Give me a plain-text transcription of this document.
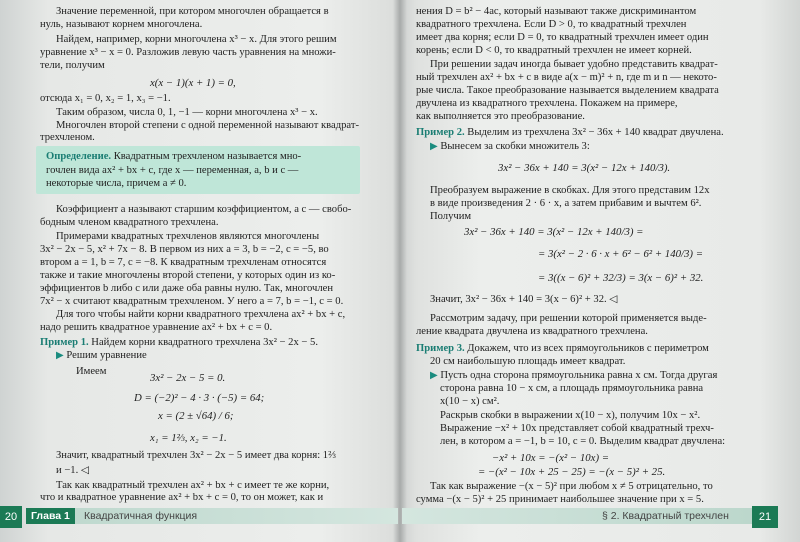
Значение переменной, при котором многочлен обращается в

нуль, называют корнем многочлена.

Найдем, например, корни многочлена x³ − x. Для этого решим

уравнение x³ − x = 0. Разложив левую часть уравнения на множи-

тели, получим

x(x − 1)(x + 1) = 0,

отсюда x₁ = 0, x₂ = 1, x₃ = −1.

Таким образом, числа 0, 1, −1 — корни многочлена x³ − x.

Многочлен второй степени с одной переменной называют квадрат-

трехчленом.

Определение. Квадратным трехчленом называется мно-

гочлен вида ax² + bx + c, где x — переменная, a, b и c —

некоторые числа, причем a ≠ 0.

Коэффициент a называют старшим коэффициентом, а c — свобо-

бодным членом квадратного трехчлена.

Примерами квадратных трехчленов являются многочлены

3x² − 2x − 5, x² + 7x − 8. В первом из них a = 3, b = −2, c = −5, во

втором a = 1, b = 7, c = −8. К квадратным трехчленам относятся

также и такие многочлены второй степени, у которых один из ко-

эффициентов b либо c или даже оба равны нулю. Так, многочлен

7x² − x считают квадратным трехчленом. У него a = 7, b = −1, c = 0.

Для того чтобы найти корни квадратного трехчлена ax² + bx + c,

надо решить квадратное уравнение ax² + bx + c = 0.

Пример 1. Найдем корни квадратного трехчлена 3x² − 2x − 5.

▶ Решим уравнение

Имеем

3x² − 2x − 5 = 0.

D = (−2)² − 4 · 3 · (−5) = 64;

x = (2 ± √64) / 6;

x₁ = 1⅔, x₂ = −1.

Значит, квадратный трехчлен 3x² − 2x − 5 имеет два корня: 1⅔

и −1. ◁

Так как квадратный трехчлен ax² + bx + c имеет те же корни,

что и квадратное уравнение ax² + bx + c = 0, то он может, как и

20	Глава 1	Квадратичная функция

нения D = b² − 4ac, который называют также дискриминантом

квадратного трехчлена. Если D > 0, то квадратный трехчлен

имеет два корня; если D = 0, то квадратный трехчлен имеет один

корень; если D < 0, то квадратный трехчлен не имеет корней.

При решении задач иногда бывает удобно представить квадрат-

ный трехчлен ax² + bx + c в виде a(x − m)² + n, где m и n — некото-

рые числа. Такое преобразование называется выделением квадрата

двучлена из квадратного трехчлена. Покажем на примере,

как выполняется это преобразование.

Пример 2. Выделим из трехчлена 3x² − 36x + 140 квадрат двучлена.

▶ Вынесем за скобки множитель 3:

3x² − 36x + 140 = 3(x² − 12x + 140/3).

Преобразуем выражение в скобках. Для этого представим 12x

в виде произведения 2 · 6 · x, а затем прибавим и вычтем 6².

Получим

3x² − 36x + 140 = 3(x² − 12x + 140/3) =

= 3(x² − 2 · 6 · x + 6² − 6² + 140/3) =

= 3((x − 6)² + 32/3) = 3(x − 6)² + 32.

Значит, 3x² − 36x + 140 = 3(x − 6)² + 32. ◁

Рассмотрим задачу, при решении которой применяется выде-

ление квадрата двучлена из квадратного трехчлена.

Пример 3. Докажем, что из всех прямоугольников с периметром

20 см наибольшую площадь имеет квадрат.

▶ Пусть одна сторона прямоугольника равна x см. Тогда другая

сторона равна 10 − x см, а площадь прямоугольника равна

x(10 − x) см².

Раскрыв скобки в выражении x(10 − x), получим 10x − x².

Выражение −x² + 10x представляет собой квадратный трехч-

лен, в котором a = −1, b = 10, c = 0. Выделим квадрат двучлена:

−x² + 10x = −(x² − 10x) =

= −(x² − 10x + 25 − 25) = −(x − 5)² + 25.

Так как выражение −(x − 5)² при любом x ≠ 5 отрицательно, то

сумма −(x − 5)² + 25 принимает наибольшее значение при x = 5.

§ 2. Квадратный трехчлен	21
